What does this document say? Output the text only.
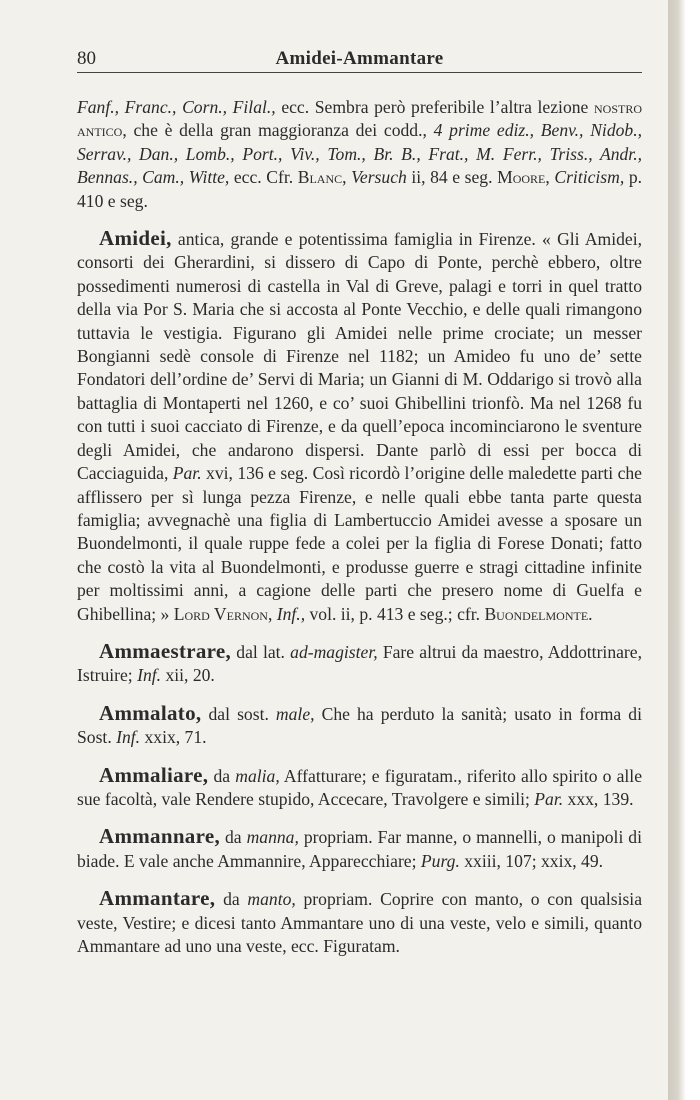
80	Amidei-Ammantare

Fanf., Franc., Corn., Filal., ecc. Sembra però preferibile l’altra lezione nostro antico, che è della gran maggioranza dei codd., 4 prime ediz., Benv., Nidob., Serrav., Dan., Lomb., Port., Viv., Tom., Br. B., Frat., M. Ferr., Triss., Andr., Bennas., Cam., Witte, ecc. Cfr. Blanc, Versuch ii, 84 e seg. Moore, Criticism, p. 410 e seg.

Amidei, antica, grande e potentissima famiglia in Firenze. « Gli Amidei, consorti dei Gherardini, si dissero di Capo di Ponte, perchè ebbero, oltre possedimenti numerosi di castella in Val di Greve, palagi e torri in quel tratto della via Por S. Maria che si accosta al Ponte Vecchio, e delle quali rimangono tuttavia le vestigia. Figurano gli Amidei nelle prime crociate; un messer Bongianni sedè console di Firenze nel 1182; un Amideo fu uno de’ sette Fondatori dell’ordine de’ Servi di Maria; un Gianni di M. Oddarigo si trovò alla battaglia di Montaperti nel 1260, e co’ suoi Ghibellini trionfò. Ma nel 1268 fu con tutti i suoi cacciato di Firenze, e da quell’epoca incominciarono le sventure degli Amidei, che andarono dispersi. Dante parlò di essi per bocca di Cacciaguida, Par. xvi, 136 e seg. Così ricordò l’origine delle maledette parti che afflissero per sì lunga pezza Firenze, e nelle quali ebbe tanta parte questa famiglia; avvegnachè una figlia di Lambertuccio Amidei avesse a sposare un Buondelmonti, il quale ruppe fede a colei per la figlia di Forese Donati; fatto che costò la vita al Buondelmonti, e produsse guerre e stragi cittadine infinite per moltissimi anni, a cagione delle parti che presero nome di Guelfa e Ghibellina; » Lord Vernon, Inf., vol. ii, p. 413 e seg.; cfr. Buondelmonte.

Ammaestrare, dal lat. ad-magister, Fare altrui da maestro, Addottrinare, Istruire; Inf. xii, 20.

Ammalato, dal sost. male, Che ha perduto la sanità; usato in forma di Sost. Inf. xxix, 71.

Ammaliare, da malia, Affatturare; e figuratam., riferito allo spirito o alle sue facoltà, vale Rendere stupido, Accecare, Travolgere e simili; Par. xxx, 139.

Ammannare, da manna, propriam. Far manne, o mannelli, o manipoli di biade. E vale anche Ammannire, Apparecchiare; Purg. xxiii, 107; xxix, 49.

Ammantare, da manto, propriam. Coprire con manto, o con qualsisia veste, Vestire; e dicesi tanto Ammantare uno di una veste, velo e simili, quanto Ammantare ad uno una veste, ecc. Figuratam.
